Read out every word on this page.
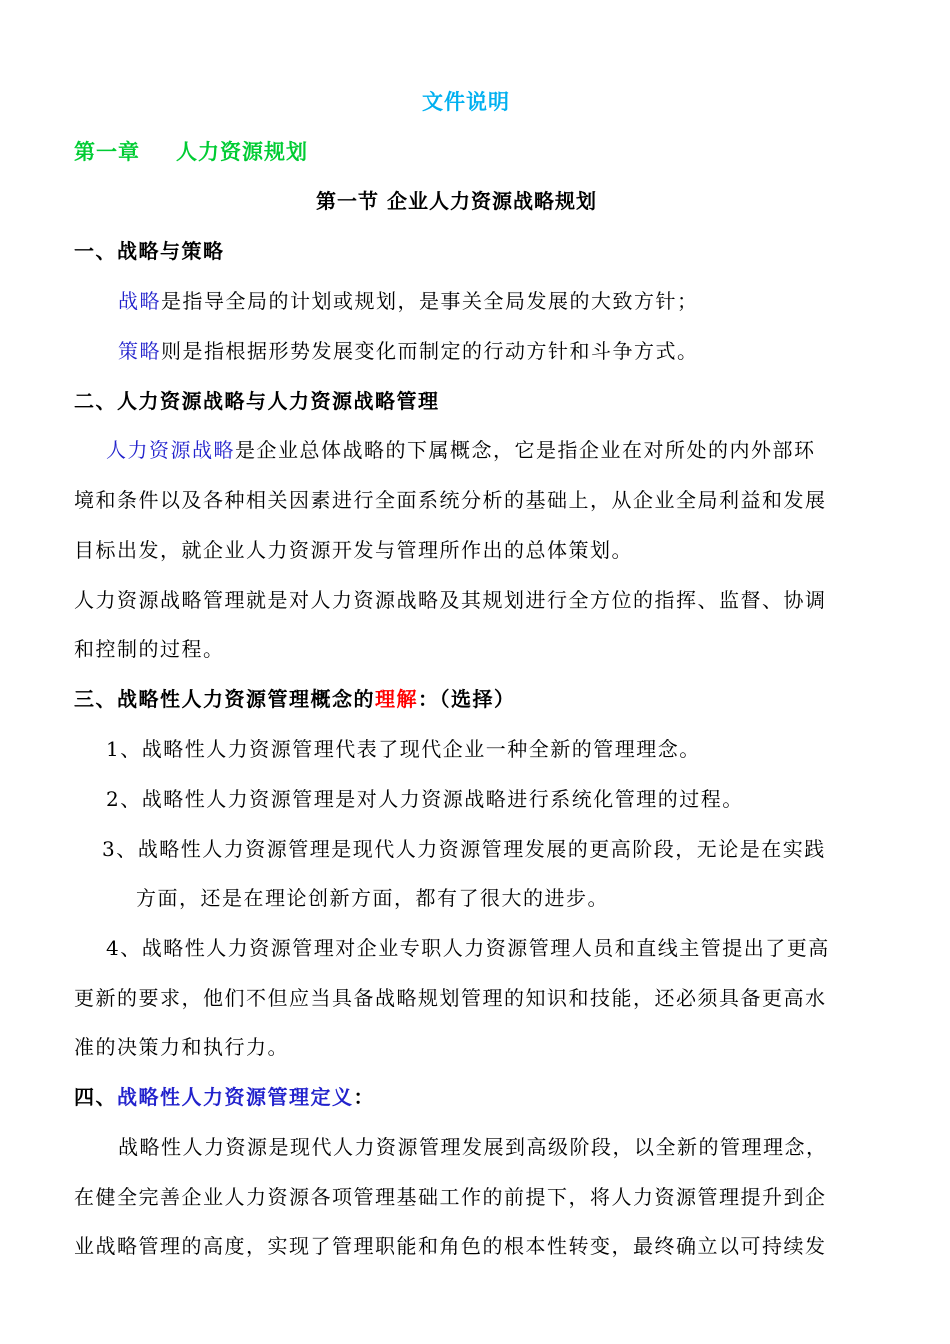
文件说明
第一章 人力资源规划
第一节 企业人力资源战略规划
一、战略与策略
战略是指导全局的计划或规划，是事关全局发展的大致方针；
策略则是指根据形势发展变化而制定的行动方针和斗争方式。
二、人力资源战略与人力资源战略管理
人力资源战略是企业总体战略的下属概念，它是指企业在对所处的内外部环
境和条件以及各种相关因素进行全面系统分析的基础上，从企业全局利益和发展
目标出发，就企业人力资源开发与管理所作出的总体策划。
人力资源战略管理就是对人力资源战略及其规划进行全方位的指挥、监督、协调
和控制的过程。
三、战略性人力资源管理概念的理解：（选择）
1、战略性人力资源管理代表了现代企业一种全新的管理理念。
2、战略性人力资源管理是对人力资源战略进行系统化管理的过程。
3、战略性人力资源管理是现代人力资源管理发展的更高阶段，无论是在实践
方面，还是在理论创新方面，都有了很大的进步。
4、战略性人力资源管理对企业专职人力资源管理人员和直线主管提出了更高
更新的要求，他们不但应当具备战略规划管理的知识和技能，还必须具备更高水
准的决策力和执行力。
四、战略性人力资源管理定义：
战略性人力资源是现代人力资源管理发展到高级阶段，以全新的管理理念，
在健全完善企业人力资源各项管理基础工作的前提下，将人力资源管理提升到企
业战略管理的高度，实现了管理职能和角色的根本性转变，最终确立以可持续发
